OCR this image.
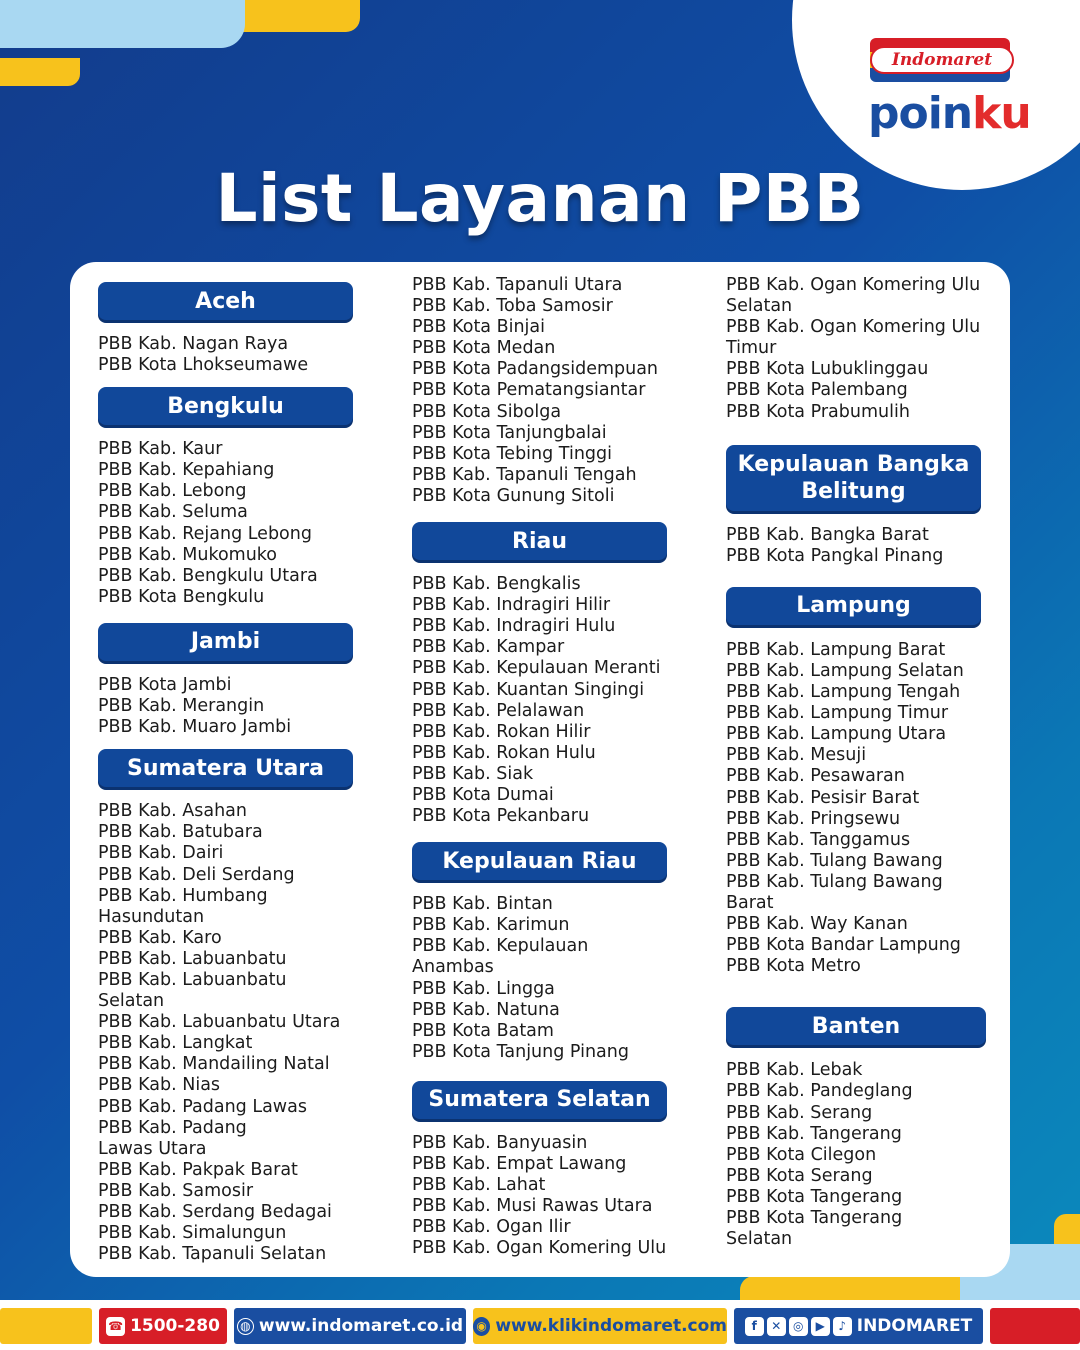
Indomaret
poinku
List Layanan PBB
Aceh
PBB Kab. Nagan Raya
PBB Kota Lhokseumawe
Bengkulu
PBB Kab. Kaur
PBB Kab. Kepahiang
PBB Kab. Lebong
PBB Kab. Seluma
PBB Kab. Rejang Lebong
PBB Kab. Mukomuko
PBB Kab. Bengkulu Utara
PBB Kota Bengkulu
Jambi
PBB Kota Jambi
PBB Kab. Merangin
PBB Kab. Muaro Jambi
Sumatera Utara
PBB Kab. Asahan
PBB Kab. Batubara
PBB Kab. Dairi
PBB Kab. Deli Serdang
PBB Kab. Humbang
Hasundutan
PBB Kab. Karo
PBB Kab. Labuanbatu
PBB Kab. Labuanbatu
Selatan
PBB Kab. Labuanbatu Utara
PBB Kab. Langkat
PBB Kab. Mandailing Natal
PBB Kab. Nias
PBB Kab. Padang Lawas
PBB Kab. Padang
Lawas Utara
PBB Kab. Pakpak Barat
PBB Kab. Samosir
PBB Kab. Serdang Bedagai
PBB Kab. Simalungun
PBB Kab. Tapanuli Selatan
PBB Kab. Tapanuli Utara
PBB Kab. Toba Samosir
PBB Kota Binjai
PBB Kota Medan
PBB Kota Padangsidempuan
PBB Kota Pematangsiantar
PBB Kota Sibolga
PBB Kota Tanjungbalai
PBB Kota Tebing Tinggi
PBB Kab. Tapanuli Tengah
PBB Kota Gunung Sitoli
Riau
PBB Kab. Bengkalis
PBB Kab. Indragiri Hilir
PBB Kab. Indragiri Hulu
PBB Kab. Kampar
PBB Kab. Kepulauan Meranti
PBB Kab. Kuantan Singingi
PBB Kab. Pelalawan
PBB Kab. Rokan Hilir
PBB Kab. Rokan Hulu
PBB Kab. Siak
PBB Kota Dumai
PBB Kota Pekanbaru
Kepulauan Riau
PBB Kab. Bintan
PBB Kab. Karimun
PBB Kab. Kepulauan
Anambas
PBB Kab. Lingga
PBB Kab. Natuna
PBB Kota Batam
PBB Kota Tanjung Pinang
Sumatera Selatan
PBB Kab. Banyuasin
PBB Kab. Empat Lawang
PBB Kab. Lahat
PBB Kab. Musi Rawas Utara
PBB Kab. Ogan Ilir
PBB Kab. Ogan Komering Ulu
PBB Kab. Ogan Komering Ulu
Selatan
PBB Kab. Ogan Komering Ulu
Timur
PBB Kota Lubuklinggau
PBB Kota Palembang
PBB Kota Prabumulih
Kepulauan Bangka Belitung
PBB Kab. Bangka Barat
PBB Kota Pangkal Pinang
Lampung
PBB Kab. Lampung Barat
PBB Kab. Lampung Selatan
PBB Kab. Lampung Tengah
PBB Kab. Lampung Timur
PBB Kab. Lampung Utara
PBB Kab. Mesuji
PBB Kab. Pesawaran
PBB Kab. Pesisir Barat
PBB Kab. Pringsewu
PBB Kab. Tanggamus
PBB Kab. Tulang Bawang
PBB Kab. Tulang Bawang
Barat
PBB Kab. Way Kanan
PBB Kota Bandar Lampung
PBB Kota Metro
Banten
PBB Kab. Lebak
PBB Kab. Pandeglang
PBB Kab. Serang
PBB Kab. Tangerang
PBB Kota Cilegon
PBB Kota Serang
PBB Kota Tangerang
PBB Kota Tangerang
Selatan
☎ 1500-280 ◍ www.indomaret.co.id ◉ www.klikindomaret.com	f	✕ ◎	▶	♪ INDOMARET
